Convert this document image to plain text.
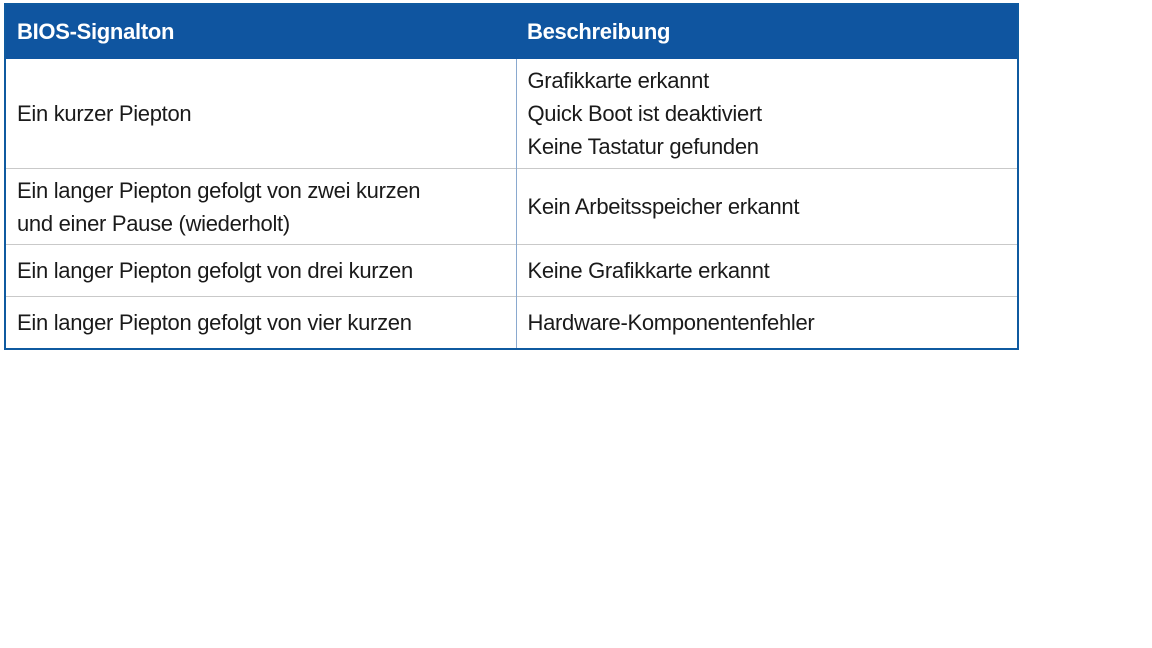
BIOS-Signalton	Beschreibung

Ein kurzer Piepton	Grafikkarte erkannt
Quick Boot ist deaktiviert
Keine Tastatur gefunden

Ein langer Piepton gefolgt von zwei kurzen
und einer Pause (wiederholt)	Kein Arbeitsspeicher erkannt

Ein langer Piepton gefolgt von drei kurzen	Keine Grafikkarte erkannt

Ein langer Piepton gefolgt von vier kurzen	Hardware-Komponentenfehler
